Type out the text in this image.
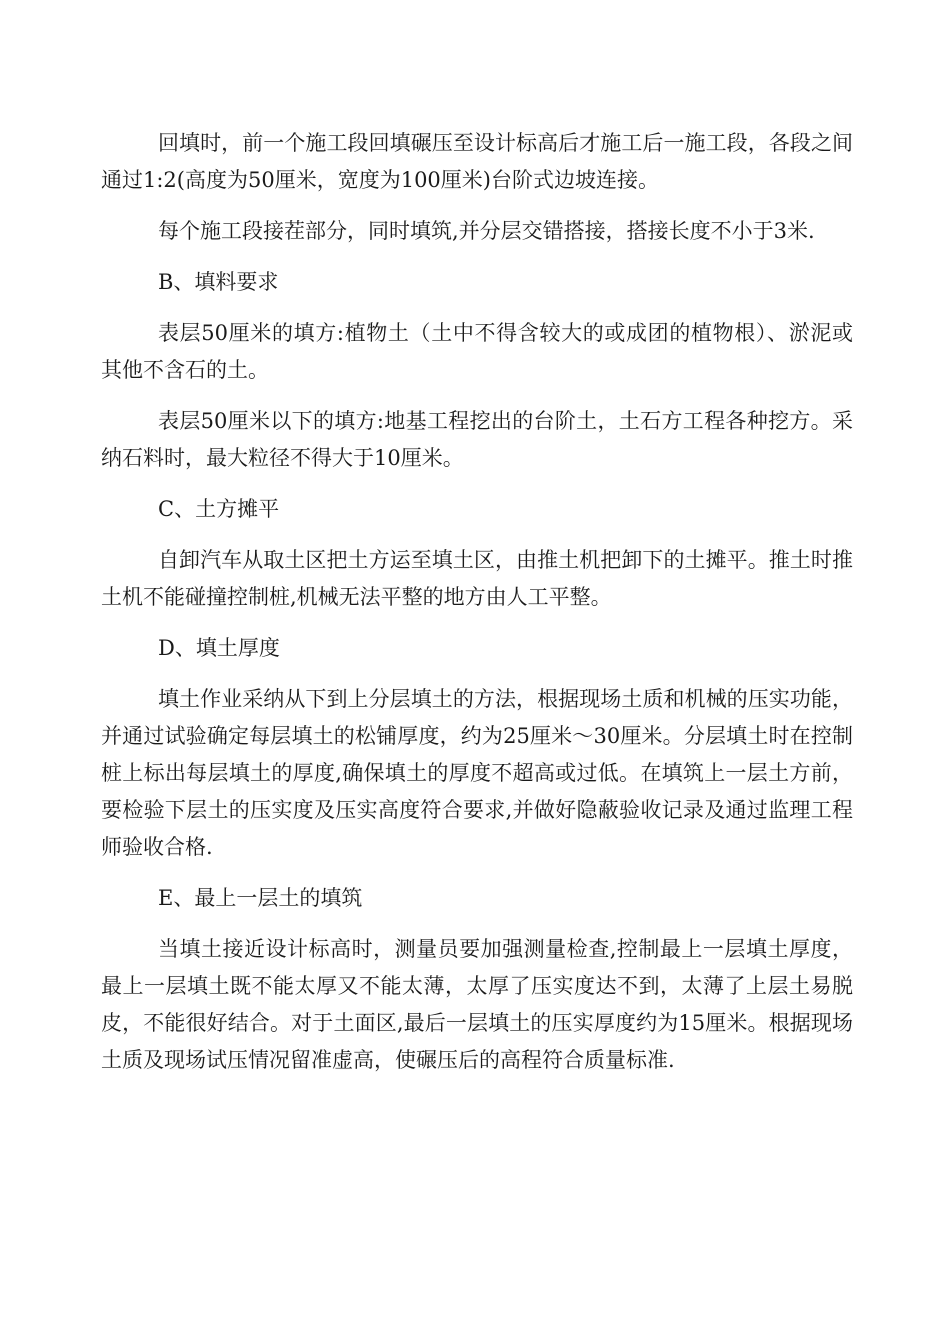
回填时，前一个施工段回填碾压至设计标高后才施工后一施工段，各段之间通过1:2(高度为50厘米，宽度为100厘米)台阶式边坡连接。

每个施工段接茬部分，同时填筑,并分层交错搭接，搭接长度不小于3米.

B、填料要求

表层50厘米的填方:植物土（土中不得含较大的或成团的植物根）、淤泥或其他不含石的土。

表层50厘米以下的填方:地基工程挖出的台阶土，土石方工程各种挖方。采纳石料时，最大粒径不得大于10厘米。

C、土方摊平

自卸汽车从取土区把土方运至填土区，由推土机把卸下的土摊平。推土时推土机不能碰撞控制桩,机械无法平整的地方由人工平整。

D、填土厚度

填土作业采纳从下到上分层填土的方法，根据现场土质和机械的压实功能，并通过试验确定每层填土的松铺厚度，约为25厘米～30厘米。分层填土时在控制桩上标出每层填土的厚度,确保填土的厚度不超高或过低。在填筑上一层土方前，要检验下层土的压实度及压实高度符合要求,并做好隐蔽验收记录及通过监理工程师验收合格.

E、最上一层土的填筑

当填土接近设计标高时，测量员要加强测量检查,控制最上一层填土厚度，最上一层填土既不能太厚又不能太薄，太厚了压实度达不到，太薄了上层土易脱皮，不能很好结合。对于土面区,最后一层填土的压实厚度约为15厘米。根据现场土质及现场试压情况留准虚高，使碾压后的高程符合质量标准.
